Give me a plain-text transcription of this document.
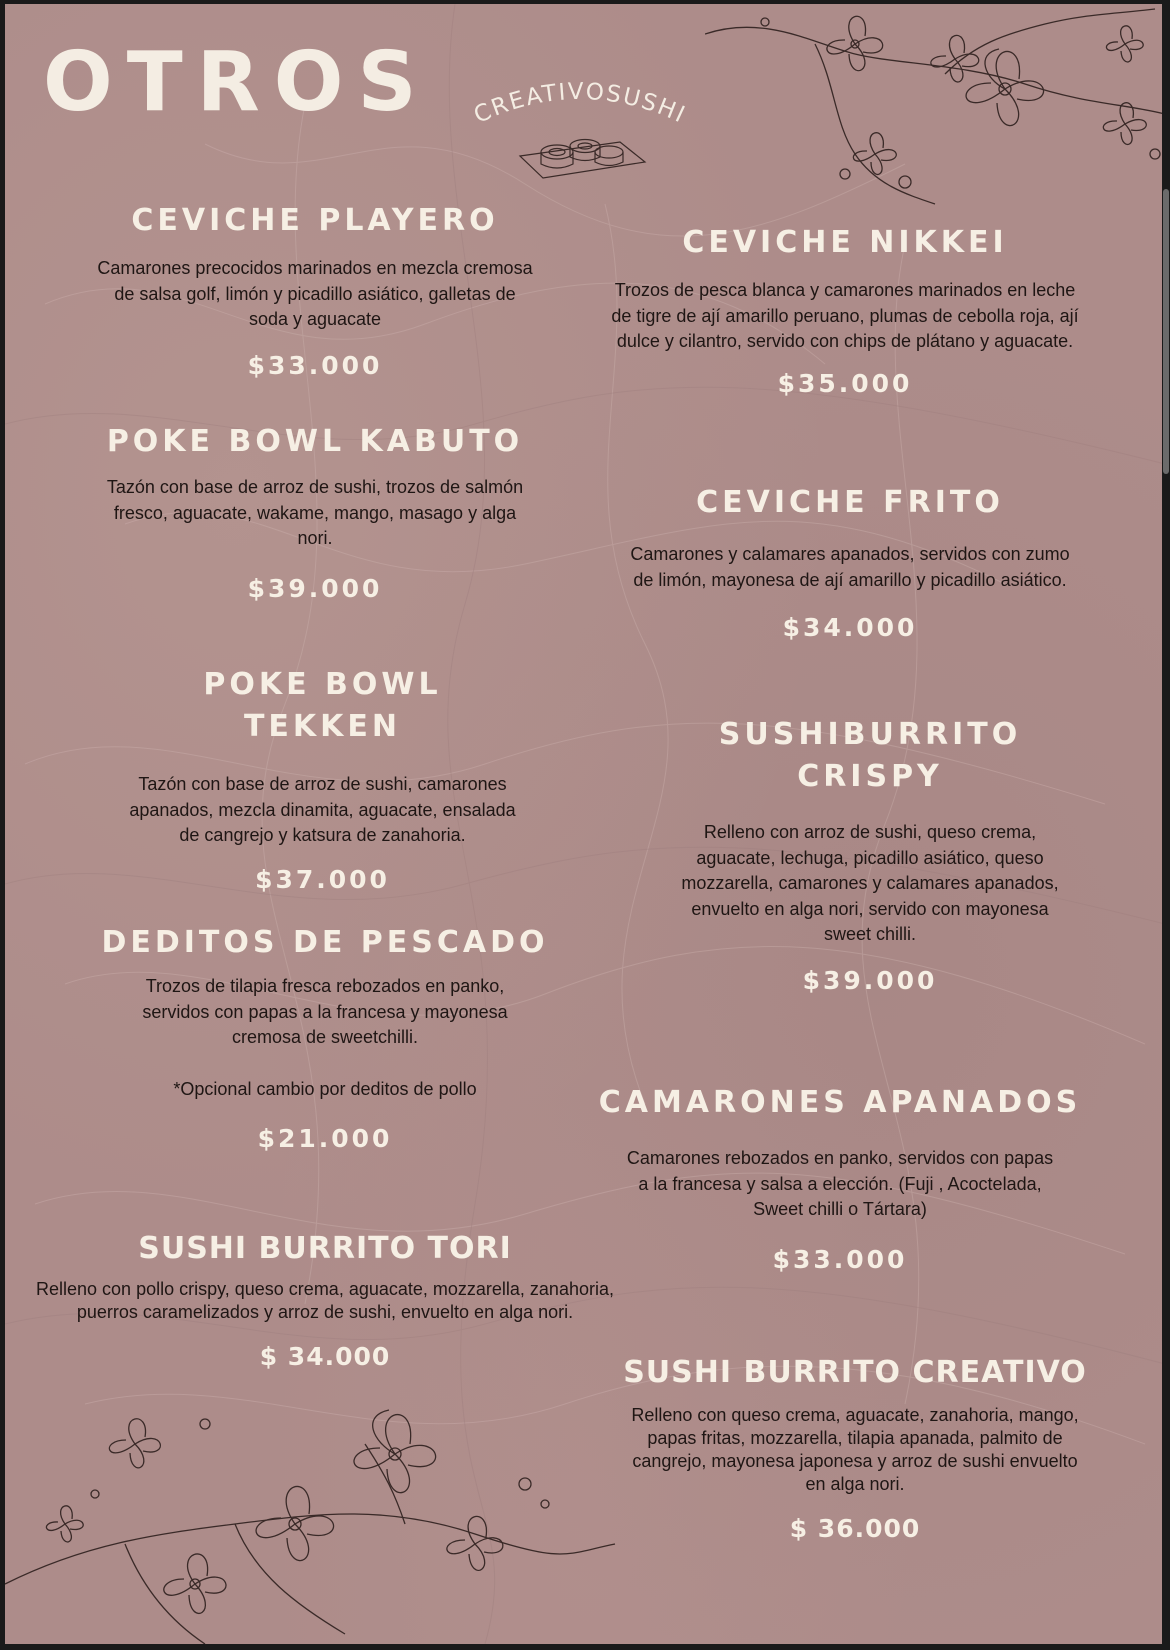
OTROS CREATIVOSUSHI
CEVICHE PLAYERO
Camarones precocidos marinados en mezcla cremosa de salsa golf, limón y picadillo asiático, galletas de soda y aguacate
$33.000
POKE BOWL KABUTO
Tazón con base de arroz de sushi, trozos de salmón fresco, aguacate, wakame, mango, masago y alga nori.
$39.000
POKE BOWL TEKKEN
Tazón con base de arroz de sushi, camarones apanados, mezcla dinamita, aguacate, ensalada de cangrejo y katsura de zanahoria.
$37.000
DEDITOS DE PESCADO
Trozos de tilapia fresca rebozados en panko, servidos con papas a la francesa y mayonesa cremosa de sweetchilli.
*Opcional cambio por deditos de pollo
$21.000
SUSHI BURRITO TORI
Relleno con pollo crispy, queso crema, aguacate, mozzarella, zanahoria, puerros caramelizados y arroz de sushi, envuelto en alga nori.
$ 34.000
CEVICHE NIKKEI
Trozos de pesca blanca y camarones marinados en leche de tigre de ají amarillo peruano, plumas de cebolla roja, ají dulce y cilantro, servido con chips de plátano y aguacate.
$35.000
CEVICHE FRITO
Camarones y calamares apanados, servidos con zumo de limón, mayonesa de ají amarillo y picadillo asiático.
$34.000
SUSHIBURRITO CRISPY
Relleno con arroz de sushi, queso crema, aguacate, lechuga, picadillo asiático, queso mozzarella, camarones y calamares apanados, envuelto en alga nori, servido con mayonesa sweet chilli.
$39.000
CAMARONES APANADOS
Camarones rebozados en panko, servidos con papas a la francesa y salsa a elección. (Fuji , Acoctelada, Sweet chilli o Tártara)
$33.000
SUSHI BURRITO CREATIVO
Relleno con queso crema, aguacate, zanahoria, mango, papas fritas, mozzarella, tilapia apanada, palmito de cangrejo, mayonesa japonesa y arroz de sushi envuelto en alga nori.
$ 36.000
